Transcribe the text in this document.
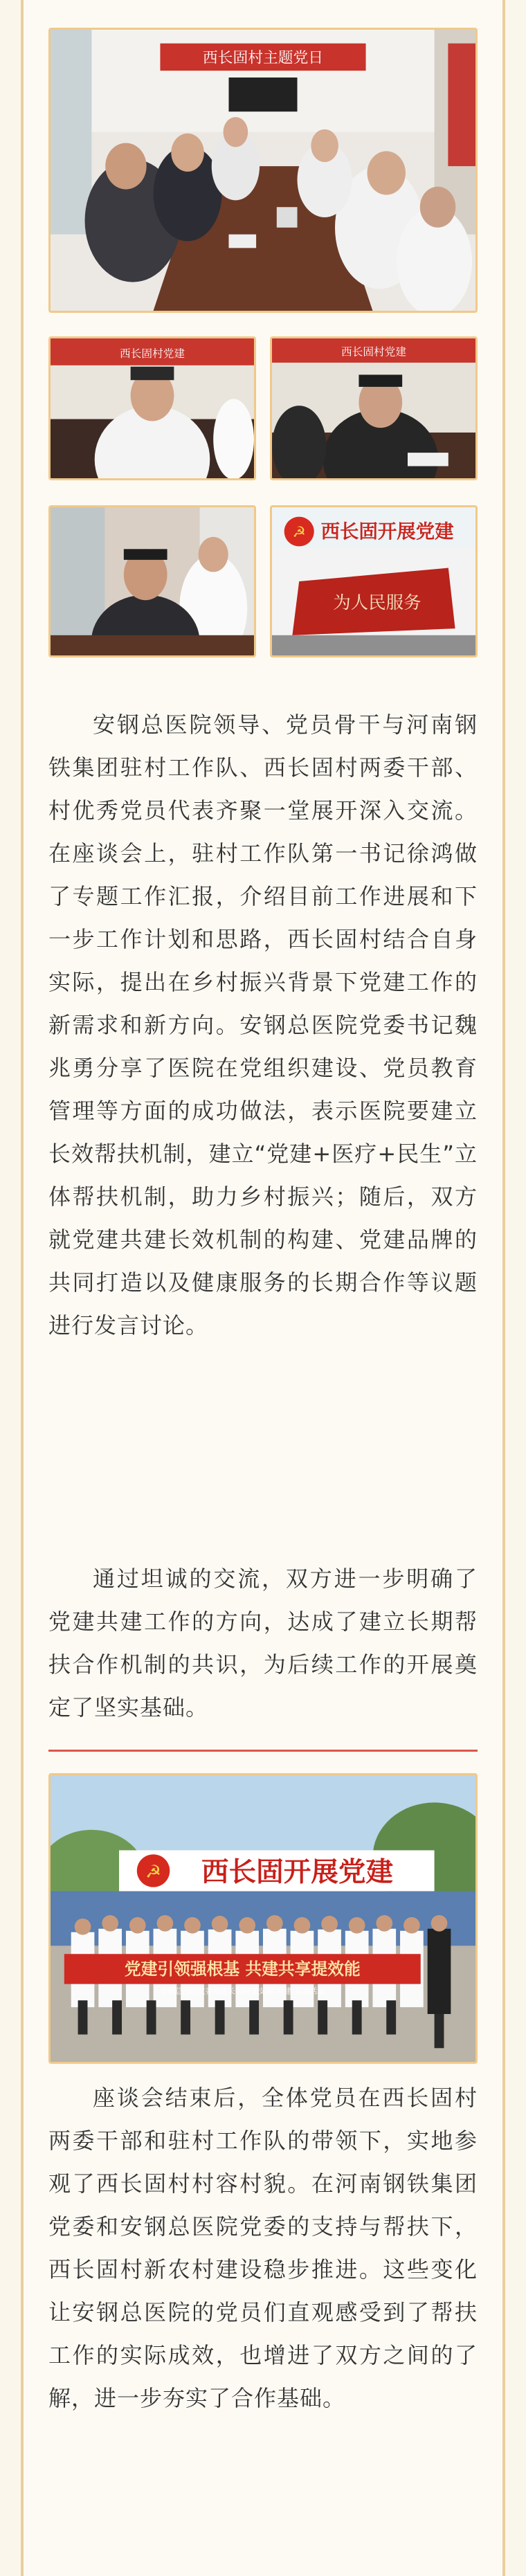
西长固村主题党日
西长固村党建	西长固村党建
西长固开展党建
☭
为人民服务
安钢总医院领导、党员骨干与河南钢铁集团驻村工作队、西长固村两委干部、村优秀党员代表齐聚一堂展开深入交流。在座谈会上，驻村工作队第一书记徐鸿做了专题工作汇报，介绍目前工作进展和下一步工作计划和思路，西长固村结合自身实际，提出在乡村振兴背景下党建工作的新需求和新方向。安钢总医院党委书记魏兆勇分享了医院在党组织建设、党员教育管理等方面的成功做法，表示医院要建立长效帮扶机制，建立“党建+医疗+民生”立体帮扶机制，助力乡村振兴；随后，双方就党建共建长效机制的构建、党建品牌的共同打造以及健康服务的长期合作等议题进行发言讨论。
通过坦诚的交流，双方进一步明确了党建共建工作的方向，达成了建立长期帮扶合作机制的共识，为后续工作的开展奠定了坚实基础。
西长固开展党建
☭
党建引领强根基 共建共享提效能
安钢总医院党委和西长固村党支部"共建"党建活动
座谈会结束后，全体党员在西长固村两委干部和驻村工作队的带领下，实地参观了西长固村村容村貌。在河南钢铁集团党委和安钢总医院党委的支持与帮扶下，西长固村新农村建设稳步推进。这些变化让安钢总医院的党员们直观感受到了帮扶工作的实际成效，也增进了双方之间的了解，进一步夯实了合作基础。
